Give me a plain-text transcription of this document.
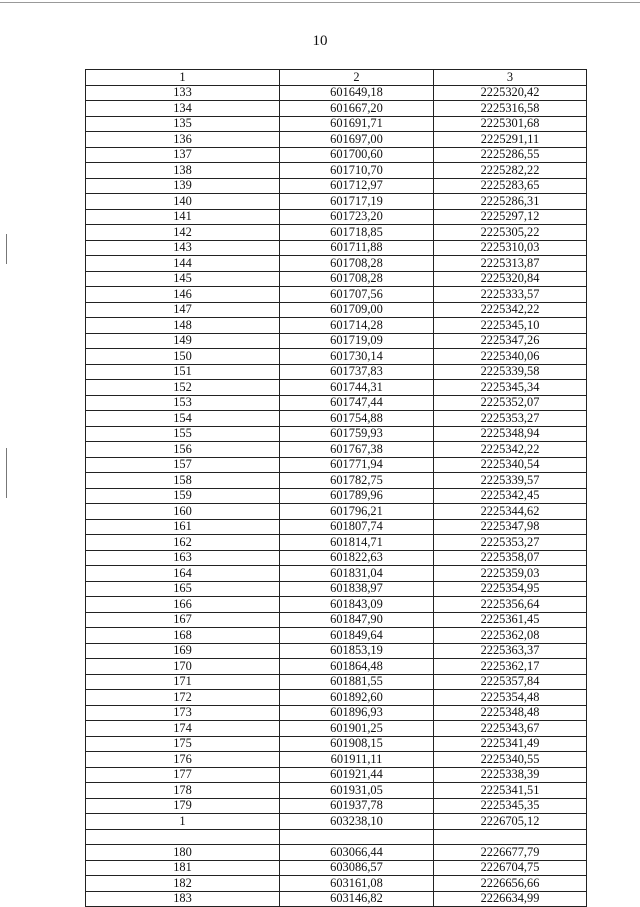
10
1	2	3
133	601649,18	2225320,42
134	601667,20	2225316,58
135	601691,71	2225301,68
136	601697,00	2225291,11
137	601700,60	2225286,55
138	601710,70	2225282,22
139	601712,97	2225283,65
140	601717,19	2225286,31
141	601723,20	2225297,12
142	601718,85	2225305,22
143	601711,88	2225310,03
144	601708,28	2225313,87
145	601708,28	2225320,84
146	601707,56	2225333,57
147	601709,00	2225342,22
148	601714,28	2225345,10
149	601719,09	2225347,26
150	601730,14	2225340,06
151	601737,83	2225339,58
152	601744,31	2225345,34
153	601747,44	2225352,07
154	601754,88	2225353,27
155	601759,93	2225348,94
156	601767,38	2225342,22
157	601771,94	2225340,54
158	601782,75	2225339,57
159	601789,96	2225342,45
160	601796,21	2225344,62
161	601807,74	2225347,98
162	601814,71	2225353,27
163	601822,63	2225358,07
164	601831,04	2225359,03
165	601838,97	2225354,95
166	601843,09	2225356,64
167	601847,90	2225361,45
168	601849,64	2225362,08
169	601853,19	2225363,37
170	601864,48	2225362,17
171	601881,55	2225357,84
172	601892,60	2225354,48
173	601896,93	2225348,48
174	601901,25	2225343,67
175	601908,15	2225341,49
176	601911,11	2225340,55
177	601921,44	2225338,39
178	601931,05	2225341,51
179	601937,78	2225345,35
1	603238,10	2226705,12

180	603066,44	2226677,79
181	603086,57	2226704,75
182	603161,08	2226656,66
183	603146,82	2226634,99
